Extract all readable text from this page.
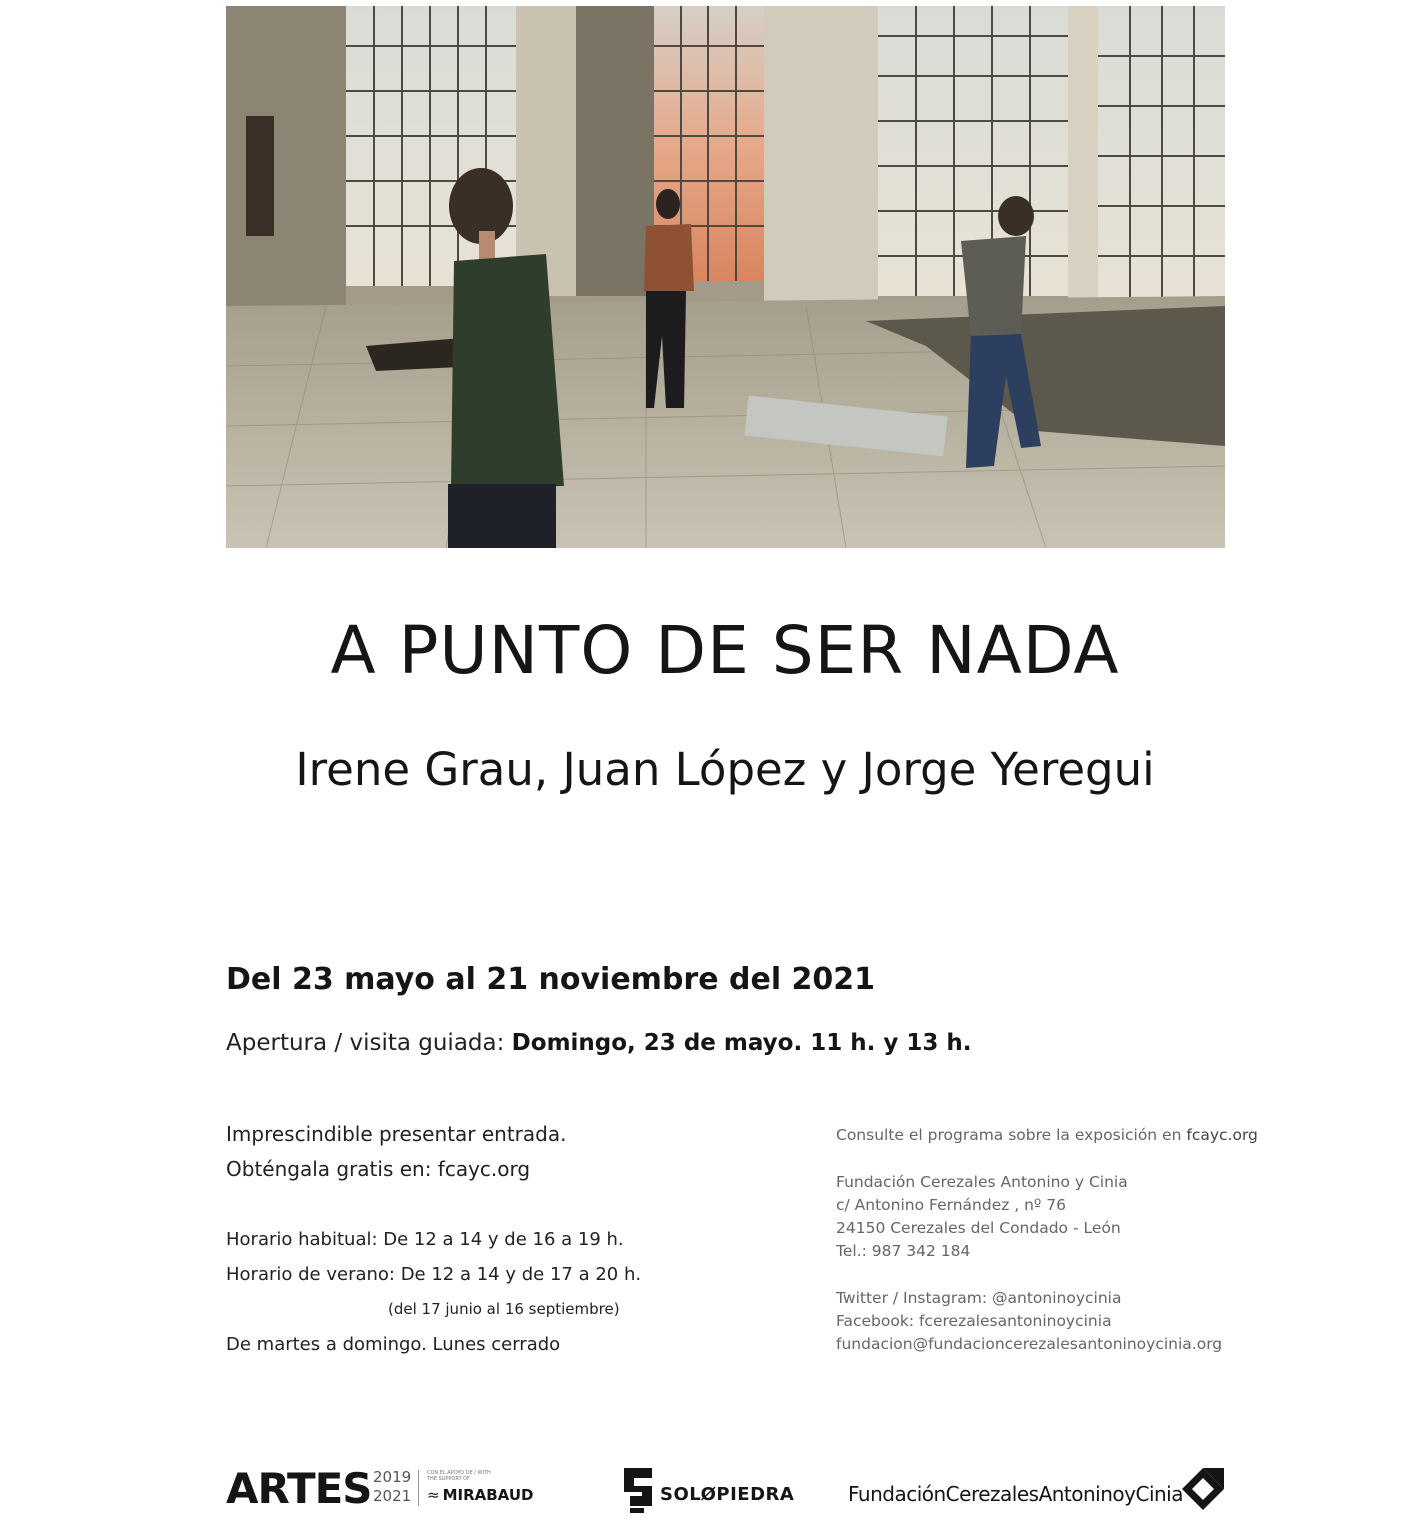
A PUNTO DE SER NADA
Irene Grau, Juan López y Jorge Yeregui
Del 23 mayo al 21 noviembre del 2021
Apertura / visita guiada: Domingo, 23 de mayo. 11 h. y 13 h.
Imprescindible presentar entrada.
Obténgala gratis en: fcayc.org
Horario habitual: De 12 a 14 y de 16 a 19 h.
Horario de verano: De 12 a 14 y de 17 a 20 h.
(del 17 junio al 16 septiembre)
De martes a domingo. Lunes cerrado
Consulte el programa sobre la exposición en fcayc.org
Fundación Cerezales Antonino y Cinia
c/ Antonino Fernández , nº 76
24150 Cerezales del Condado - León
Tel.: 987 342 184
Twitter / Instagram: @antoninoycinia
Facebook: fcerezalesantoninoycinia
fundacion@fundacioncerezalesantoninoycinia.org
ARTES 2019
2021
CON EL APOYO DE / WITH THE SUPPORT OF
≈ MIRABAUD	SOLØPIEDRA	FundaciónCerezalesAntoninoyCinia
